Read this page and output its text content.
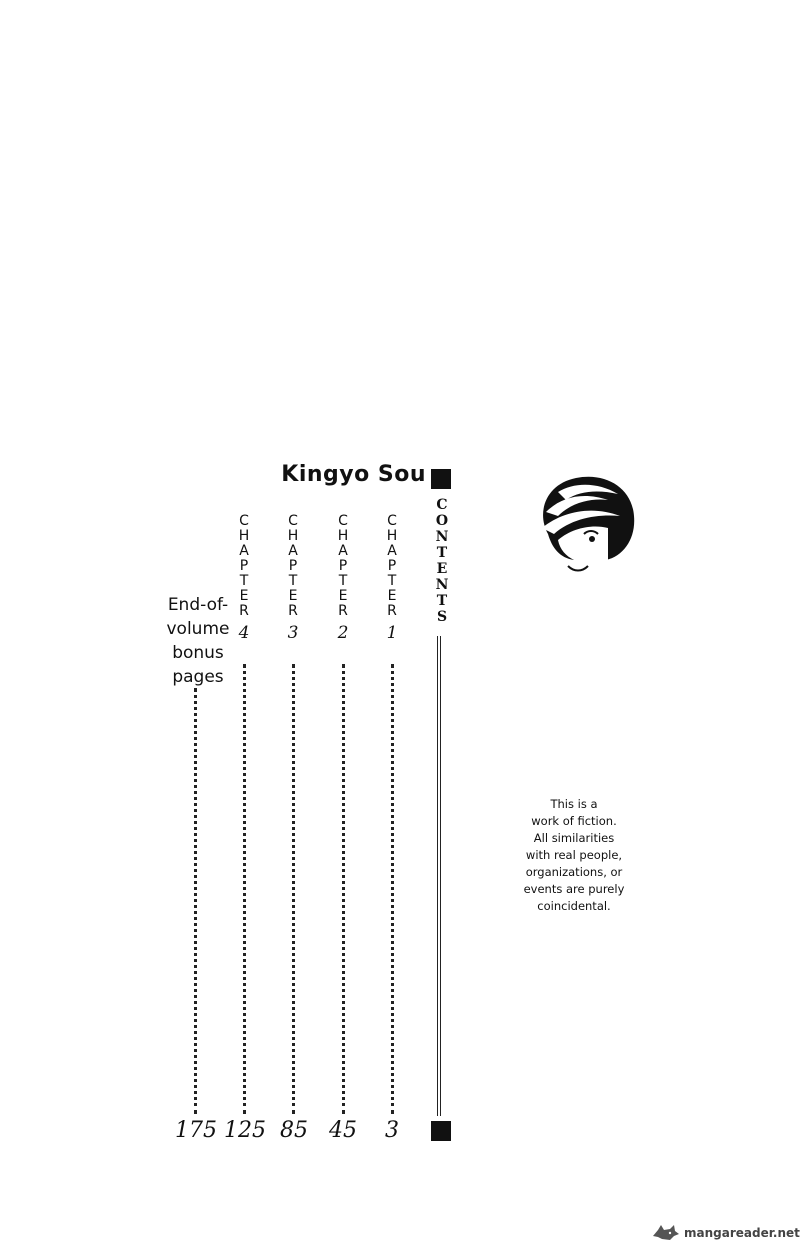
Kingyo Sou
C
O
N
T
E
N
T
S
C
H
A
P
T
E
R
1
C
H
A
P
T
E
R
2
C
H
A
P
T
E
R
3
C
H
A
P
T
E
R
4
End-of-
volume
bonus
pages
3
45
85
125
175
This is a
work of fiction.
All similarities
with real people,
organizations, or
events are purely
coincidental.
mangareader.net
